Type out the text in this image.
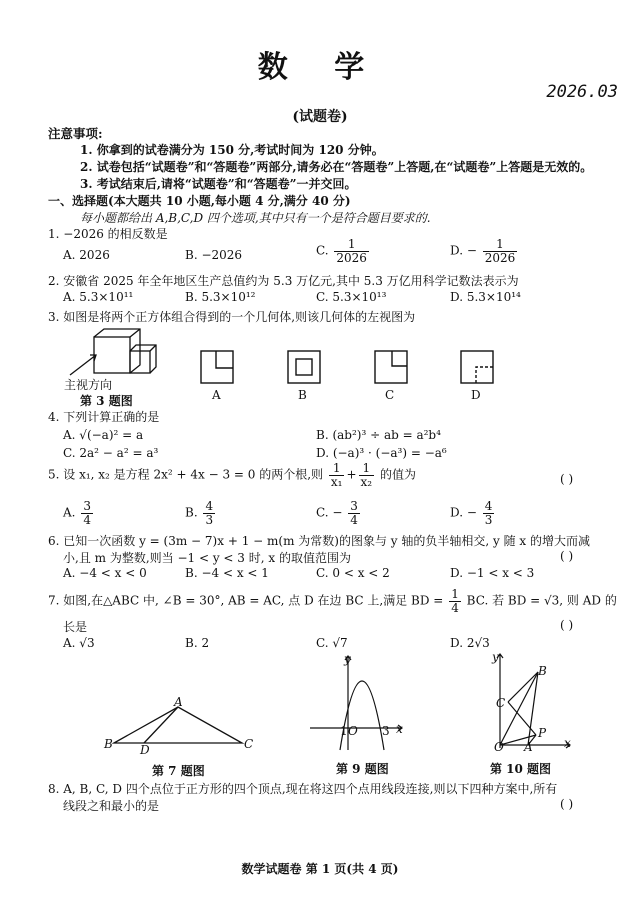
数 学
2026.03
(试题卷)
注意事项:
1. 你拿到的试卷满分为 150 分,考试时间为 120 分钟。
2. 试卷包括“试题卷”和“答题卷”两部分,请务必在“答题卷”上答题,在“试题卷”上答题是无效的。
3. 考试结束后,请将“试题卷”和“答题卷”一并交回。
一、选择题(本大题共 10 小题,每小题 4 分,满分 40 分)
每小题都给出 A,B,C,D 四个选项,其中只有一个是符合题目要求的.
1. −2026 的相反数是
A. 2026	B. −2026	C. $\frac{1}{2026}$	D. − $\frac{1}{2026}$
2. 安徽省 2025 年全年地区生产总值约为 5.3 万亿元,其中 5.3 万亿用科学记数法表示为
A. 5.3×10¹¹	B. 5.3×10¹²	C. 5.3×10¹³	D. 5.3×10¹⁴
3. 如图是将两个正方体组合得到的一个几何体,则该几何体的左视图为
主视方向
第 3 题图	A	B	C	D
4. 下列计算正确的是
A. √(−a)² = a	B. (ab²)³ ÷ ab = a²b⁴
C. 2a² − a² = a³	D. (−a)³ · (−a³) = −a⁶
5. 设 x₁, x₂ 是方程 2x² + 4x − 3 = 0 的两个根,则 $\frac{1}{\text{x₁}} + \frac{1}{\text{x₂}}$ 的值为	( )
A. $\frac{3}{4}$	B. $\frac{4}{3}$	C. − $\frac{3}{4}$	D. − $\frac{4}{3}$
6. 已知一次函数 y = (3m − 7)x + 1 − m(m 为常数)的图象与 y 轴的负半轴相交, y 随 x 的增大而减
小,且 m 为整数,则当 −1 < y < 3 时, x 的取值范围为	( )
A. −4 < x < 0	B. −4 < x < 1	C. 0 < x < 2	D. −1 < x < 3
7. 如图,在△ABC 中, ∠B = 30°, AB = AC, 点 D 在边 BC 上,满足 BD = $\frac{1}{4}$ BC. 若 BD = √3, 则 AD 的
长是	( )
A. √3	B. 2	C. √7	D. 2√3
A
B	C
D
第 7 题图
y
x
1 O 3
第 9 题图
y
x
O A
B
C
P
第 10 题图
8. A, B, C, D 四个点位于正方形的四个顶点,现在将这四个点用线段连接,则以下四种方案中,所有
线段之和最小的是	( )
数学试题卷 第 1 页(共 4 页)
